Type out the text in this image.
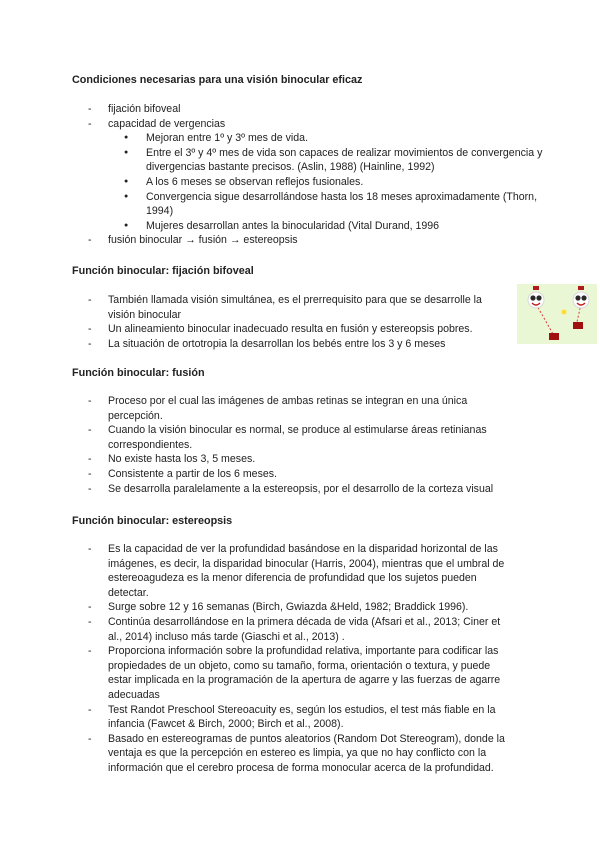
Condiciones necesarias para una visión binocular eficaz
- fijación bifoveal
- capacidad de vergencias
● Mejoran entre 1º y 3º mes de vida.
● Entre el 3º y 4º mes de vida son capaces de realizar movimientos de convergencia y divergencias bastante precisos. (Aslin, 1988) (Hainline, 1992)
● A los 6 meses se observan reflejos fusionales.
● Convergencia sigue desarrollándose hasta los 18 meses aproximadamente (Thorn, 1994)
● Mujeres desarrollan antes la binocularidad (Vital Durand, 1996
- fusión binocular → fusión → estereopsis
Función binocular: fijación bifoveal
- También llamada visión simultánea, es el prerrequisito para que se desarrolle la visión binocular
- Un alineamiento binocular inadecuado resulta en fusión y estereopsis pobres.
- La situación de ortotropia la desarrollan los bebés entre los 3 y 6 meses
Función binocular: fusión
- Proceso por el cual las imágenes de ambas retinas se integran en una única percepción.
- Cuando la visión binocular es normal, se produce al estimularse áreas retinianas correspondientes.
- No existe hasta los 3, 5 meses.
- Consistente a partir de los 6 meses.
- Se desarrolla paralelamente a la estereopsis, por el desarrollo de la corteza visual
Función binocular: estereopsis
- Es la capacidad de ver la profundidad basándose en la disparidad horizontal de las imágenes, es decir, la disparidad binocular (Harris, 2004), mientras que el umbral de estereoagudeza es la menor diferencia de profundidad que los sujetos pueden detectar.
- Surge sobre 12 y 16 semanas (Birch, Gwiazda &Held, 1982; Braddick 1996).
- Continúa desarrollándose en la primera década de vida (Afsari et al., 2013; Ciner et al., 2014) incluso más tarde (Giaschi et al., 2013) .
- Proporciona información sobre la profundidad relativa, importante para codificar las propiedades de un objeto, como su tamaño, forma, orientación o textura, y puede estar implicada en la programación de la apertura de agarre y las fuerzas de agarre adecuadas
- Test Randot Preschool Stereoacuity es, según los estudios, el test más fiable en la infancia (Fawcet & Birch, 2000; Birch et al., 2008).
- Basado en estereogramas de puntos aleatorios (Random Dot Stereogram), donde la ventaja es que la percepción en estereo es limpia, ya que no hay conflicto con la información que el cerebro procesa de forma monocular acerca de la profundidad.
